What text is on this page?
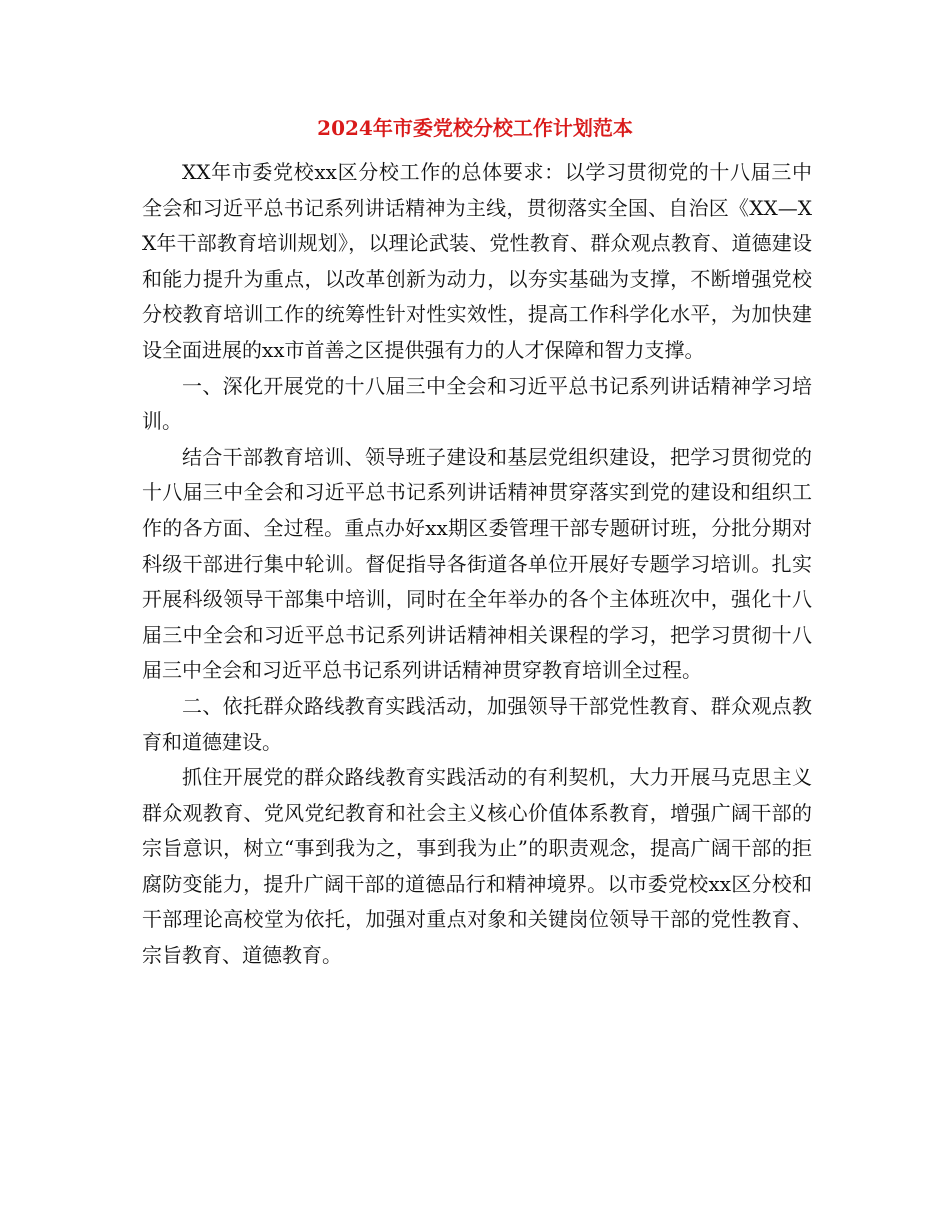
2024年市委党校分校工作计划范本

XX年市委党校xx区分校工作的总体要求：以学习贯彻党的十八届三中全会和习近平总书记系列讲话精神为主线，贯彻落实全国、自治区《XX—XX年干部教育培训规划》，以理论武装、党性教育、群众观点教育、道德建设和能力提升为重点，以改革创新为动力，以夯实基础为支撑，不断增强党校分校教育培训工作的统筹性针对性实效性，提高工作科学化水平，为加快建设全面进展的xx市首善之区提供强有力的人才保障和智力支撑。

一、深化开展党的十八届三中全会和习近平总书记系列讲话精神学习培训。

结合干部教育培训、领导班子建设和基层党组织建设，把学习贯彻党的十八届三中全会和习近平总书记系列讲话精神贯穿落实到党的建设和组织工作的各方面、全过程。重点办好xx期区委管理干部专题研讨班，分批分期对科级干部进行集中轮训。督促指导各街道各单位开展好专题学习培训。扎实开展科级领导干部集中培训，同时在全年举办的各个主体班次中，强化十八届三中全会和习近平总书记系列讲话精神相关课程的学习，把学习贯彻十八届三中全会和习近平总书记系列讲话精神贯穿教育培训全过程。

二、依托群众路线教育实践活动，加强领导干部党性教育、群众观点教育和道德建设。

抓住开展党的群众路线教育实践活动的有利契机，大力开展马克思主义群众观教育、党风党纪教育和社会主义核心价值体系教育，增强广阔干部的宗旨意识，树立“事到我为之，事到我为止”的职责观念，提高广阔干部的拒腐防变能力，提升广阔干部的道德品行和精神境界。以市委党校xx区分校和干部理论高校堂为依托，加强对重点对象和关键岗位领导干部的党性教育、宗旨教育、道德教育。
